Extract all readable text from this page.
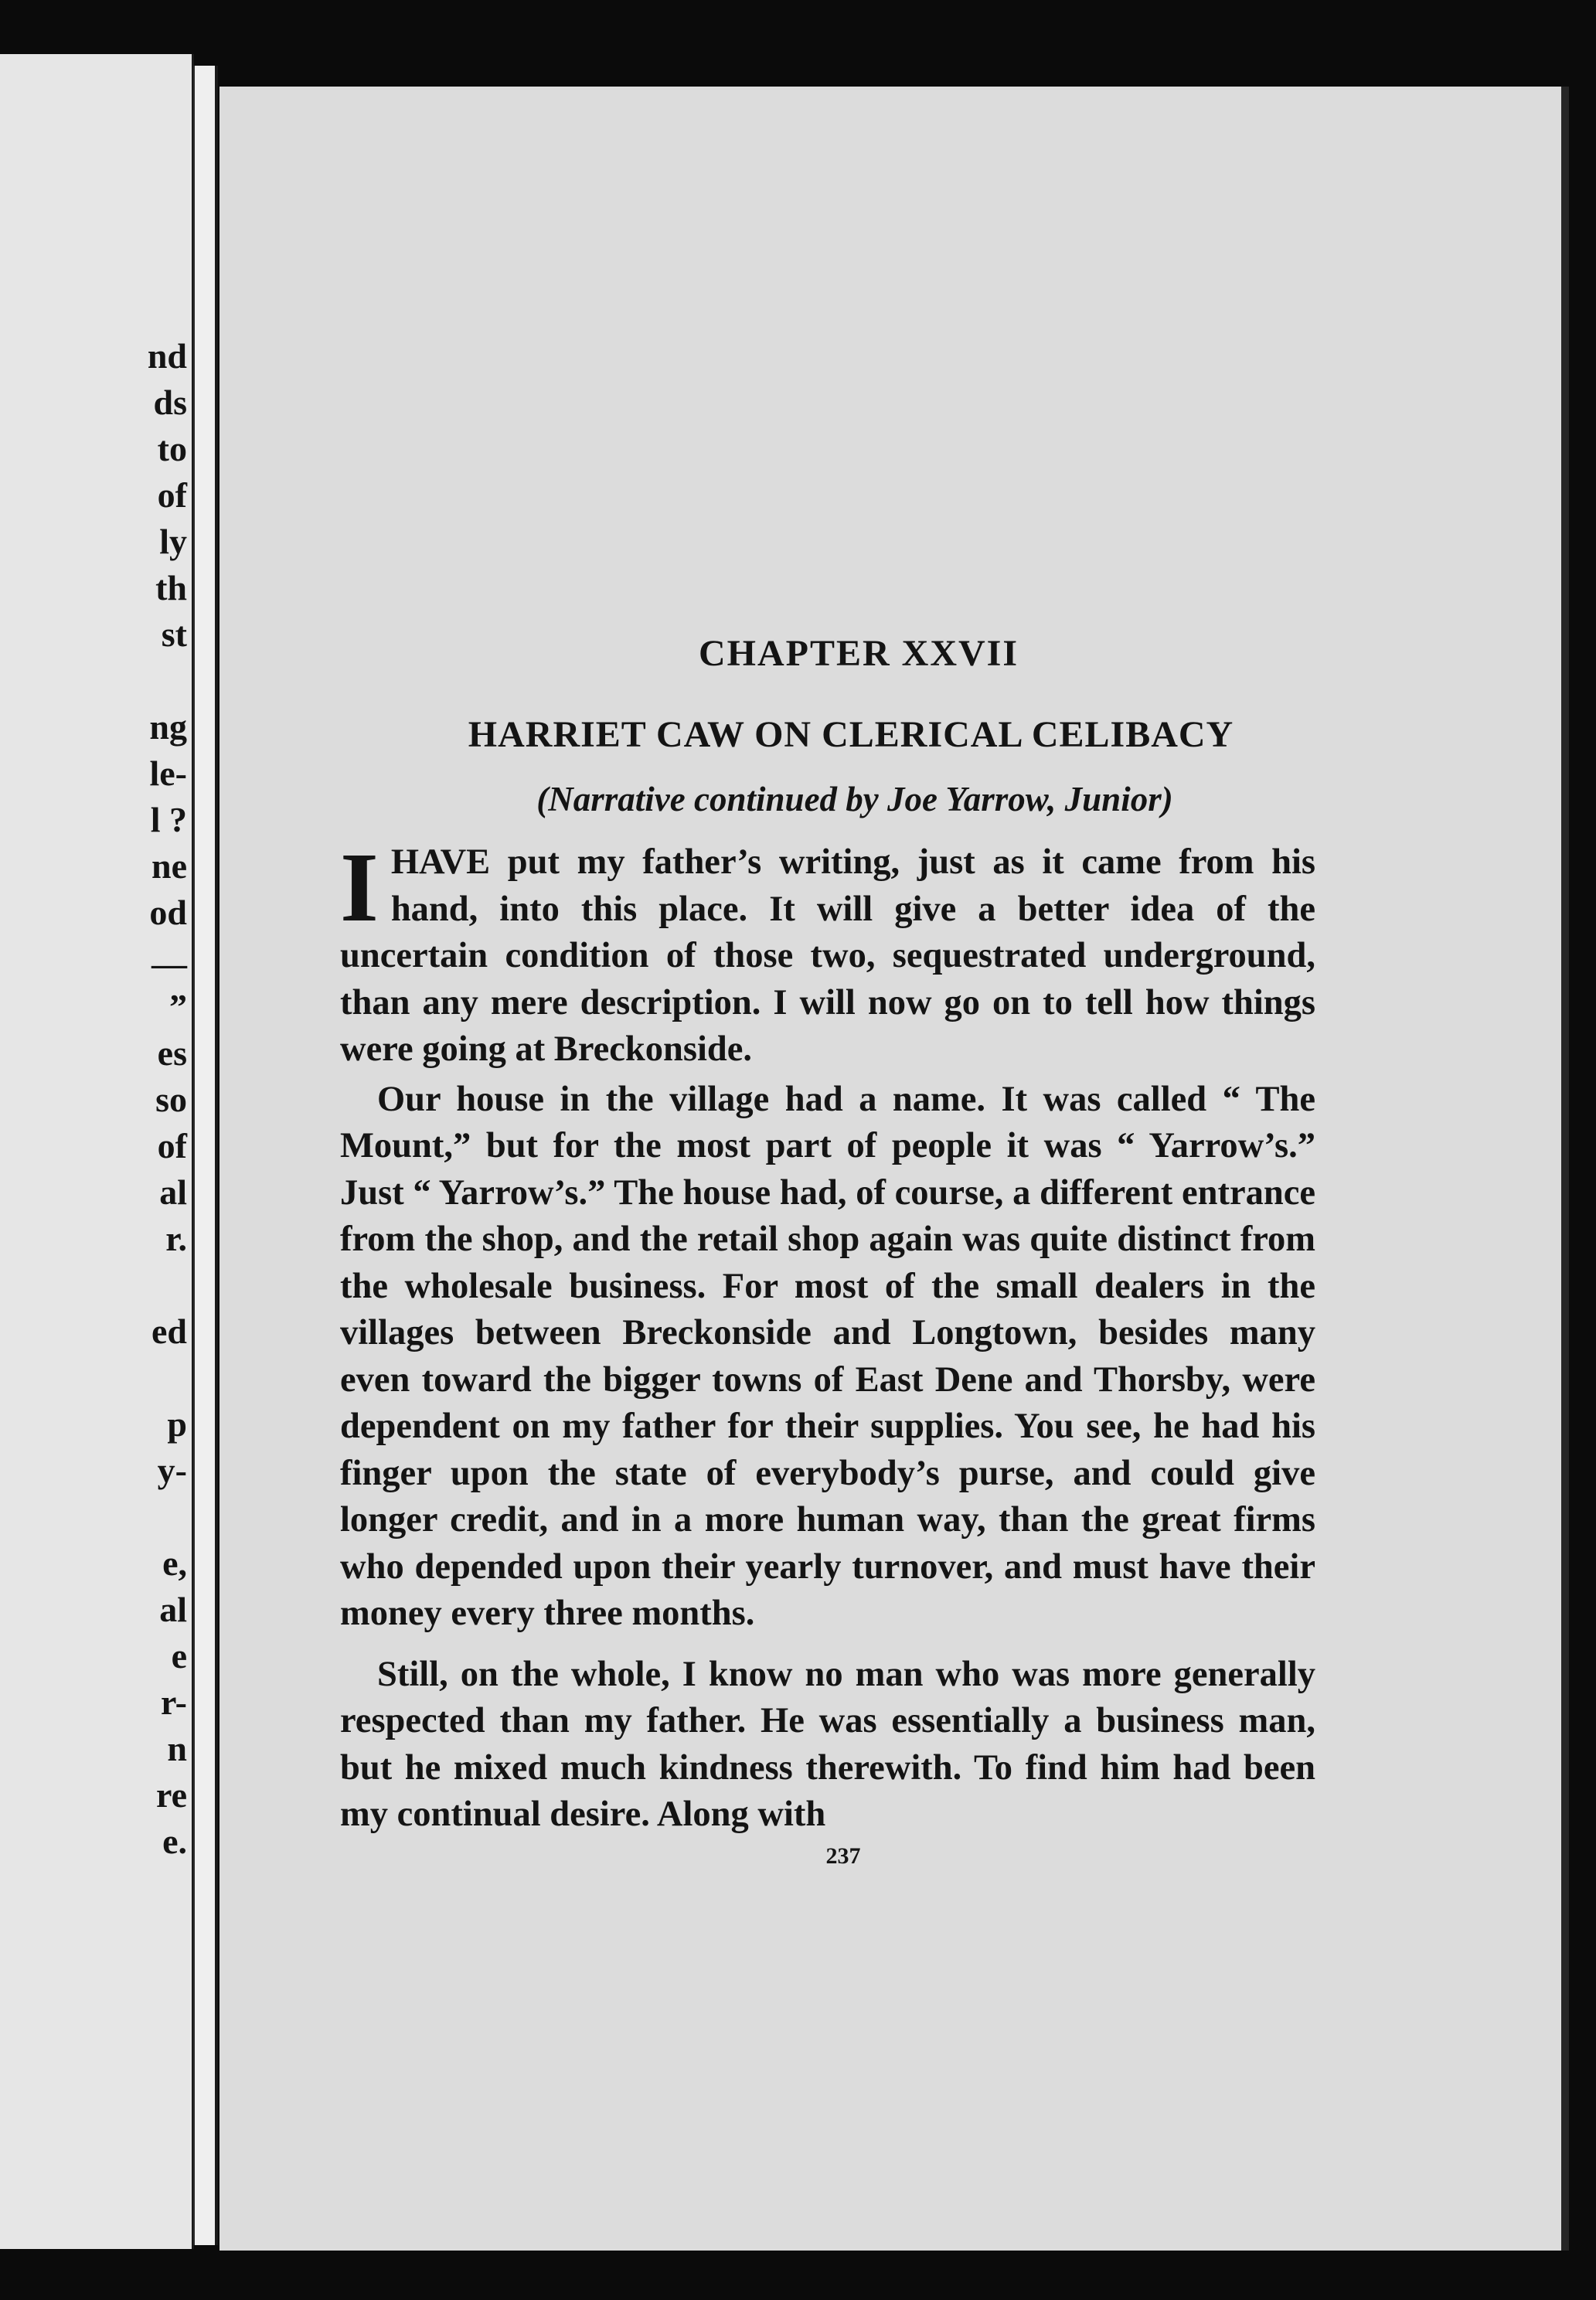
nd
ds
to
of
ly
th
st
ng
le-
l ?
ne
od
—
”
es
so
of
al
r.
ed
p
y-
e,
al
e
r-
n
re
e.
CHAPTER XXVII
HARRIET CAW ON CLERICAL CELIBACY
(Narrative continued by Joe Yarrow, Junior)

I HAVE put my father’s writing, just as it came from his hand, into this place. It will give a better idea of the uncertain condition of those two, sequestrated underground, than any mere description. I will now go on to tell how things were going at Breckonside.

Our house in the village had a name. It was called “ The Mount,” but for the most part of people it was “ Yarrow’s.” Just “ Yarrow’s.” The house had, of course, a different entrance from the shop, and the retail shop again was quite distinct from the wholesale business. For most of the small dealers in the villages between Breckonside and Longtown, besides many even toward the bigger towns of East Dene and Thorsby, were dependent on my father for their supplies. You see, he had his finger upon the state of everybody’s purse, and could give longer credit, and in a more human way, than the great firms who depended upon their yearly turnover, and must have their money every three months.

Still, on the whole, I know no man who was more generally respected than my father. He was essentially a business man, but he mixed much kindness therewith. To find him had been my continual desire. Along with

237
